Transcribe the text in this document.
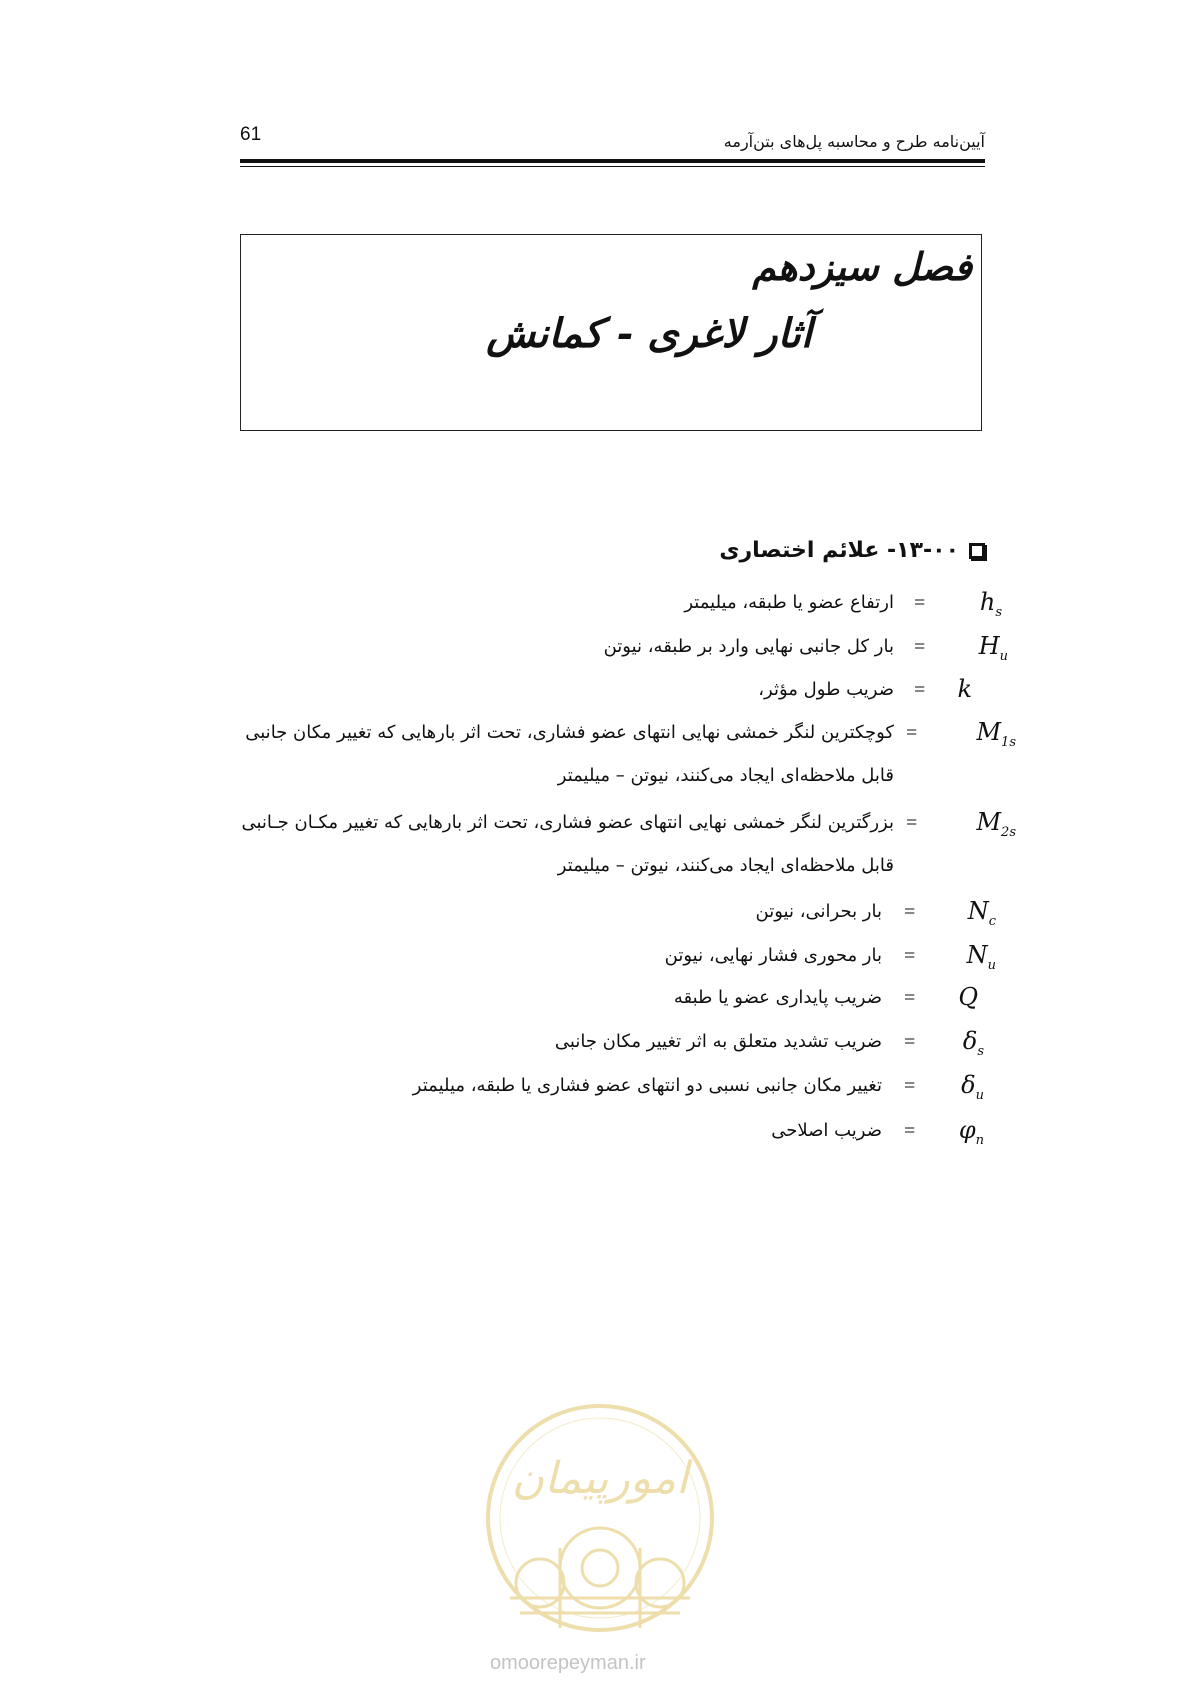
61	آیین‌نامه طرح و محاسبه پل‌های بتن‌آرمه
فصل سیزدهم
آثار لاغری - کمانش
۱۳-۰۰- علائم اختصاری
$h_s$
=
ارتفاع عضو یا طبقه، میلیمتر
$H_u$
=
بار کل جانبی نهایی وارد بر طبقه، نیوتن
k
=
ضریب طول مؤثر،
$M_{1s}$
=
کوچکترین لنگر خمشی نهایی انتهای عضو فشاری، تحت اثر بارهایی که تغییر مکان جانبی
قابل ملاحظه‌ای ایجاد می‌کنند، نیوتن – میلیمتر
$M_{2s}$
=
بزرگترین لنگر خمشی نهایی انتهای عضو فشاری، تحت اثر بارهایی که تغییر مکـان جـانبی
قابل ملاحظه‌ای ایجاد می‌کنند، نیوتن – میلیمتر
$N_c$
=
بار بحرانی، نیوتن
$N_u$
=
بار محوری فشار نهایی، نیوتن
Q
=
ضریب پایداری عضو یا طبقه
$\delta_s$
=
ضریب تشدید متعلق به اثر تغییر مکان جانبی
$\delta_u$
=
تغییر مکان جانبی نسبی دو انتهای عضو فشاری یا طبقه، میلیمتر
$\varphi_n$
=
ضریب اصلاحی
امورپیمان
omoorepeyman.ir
